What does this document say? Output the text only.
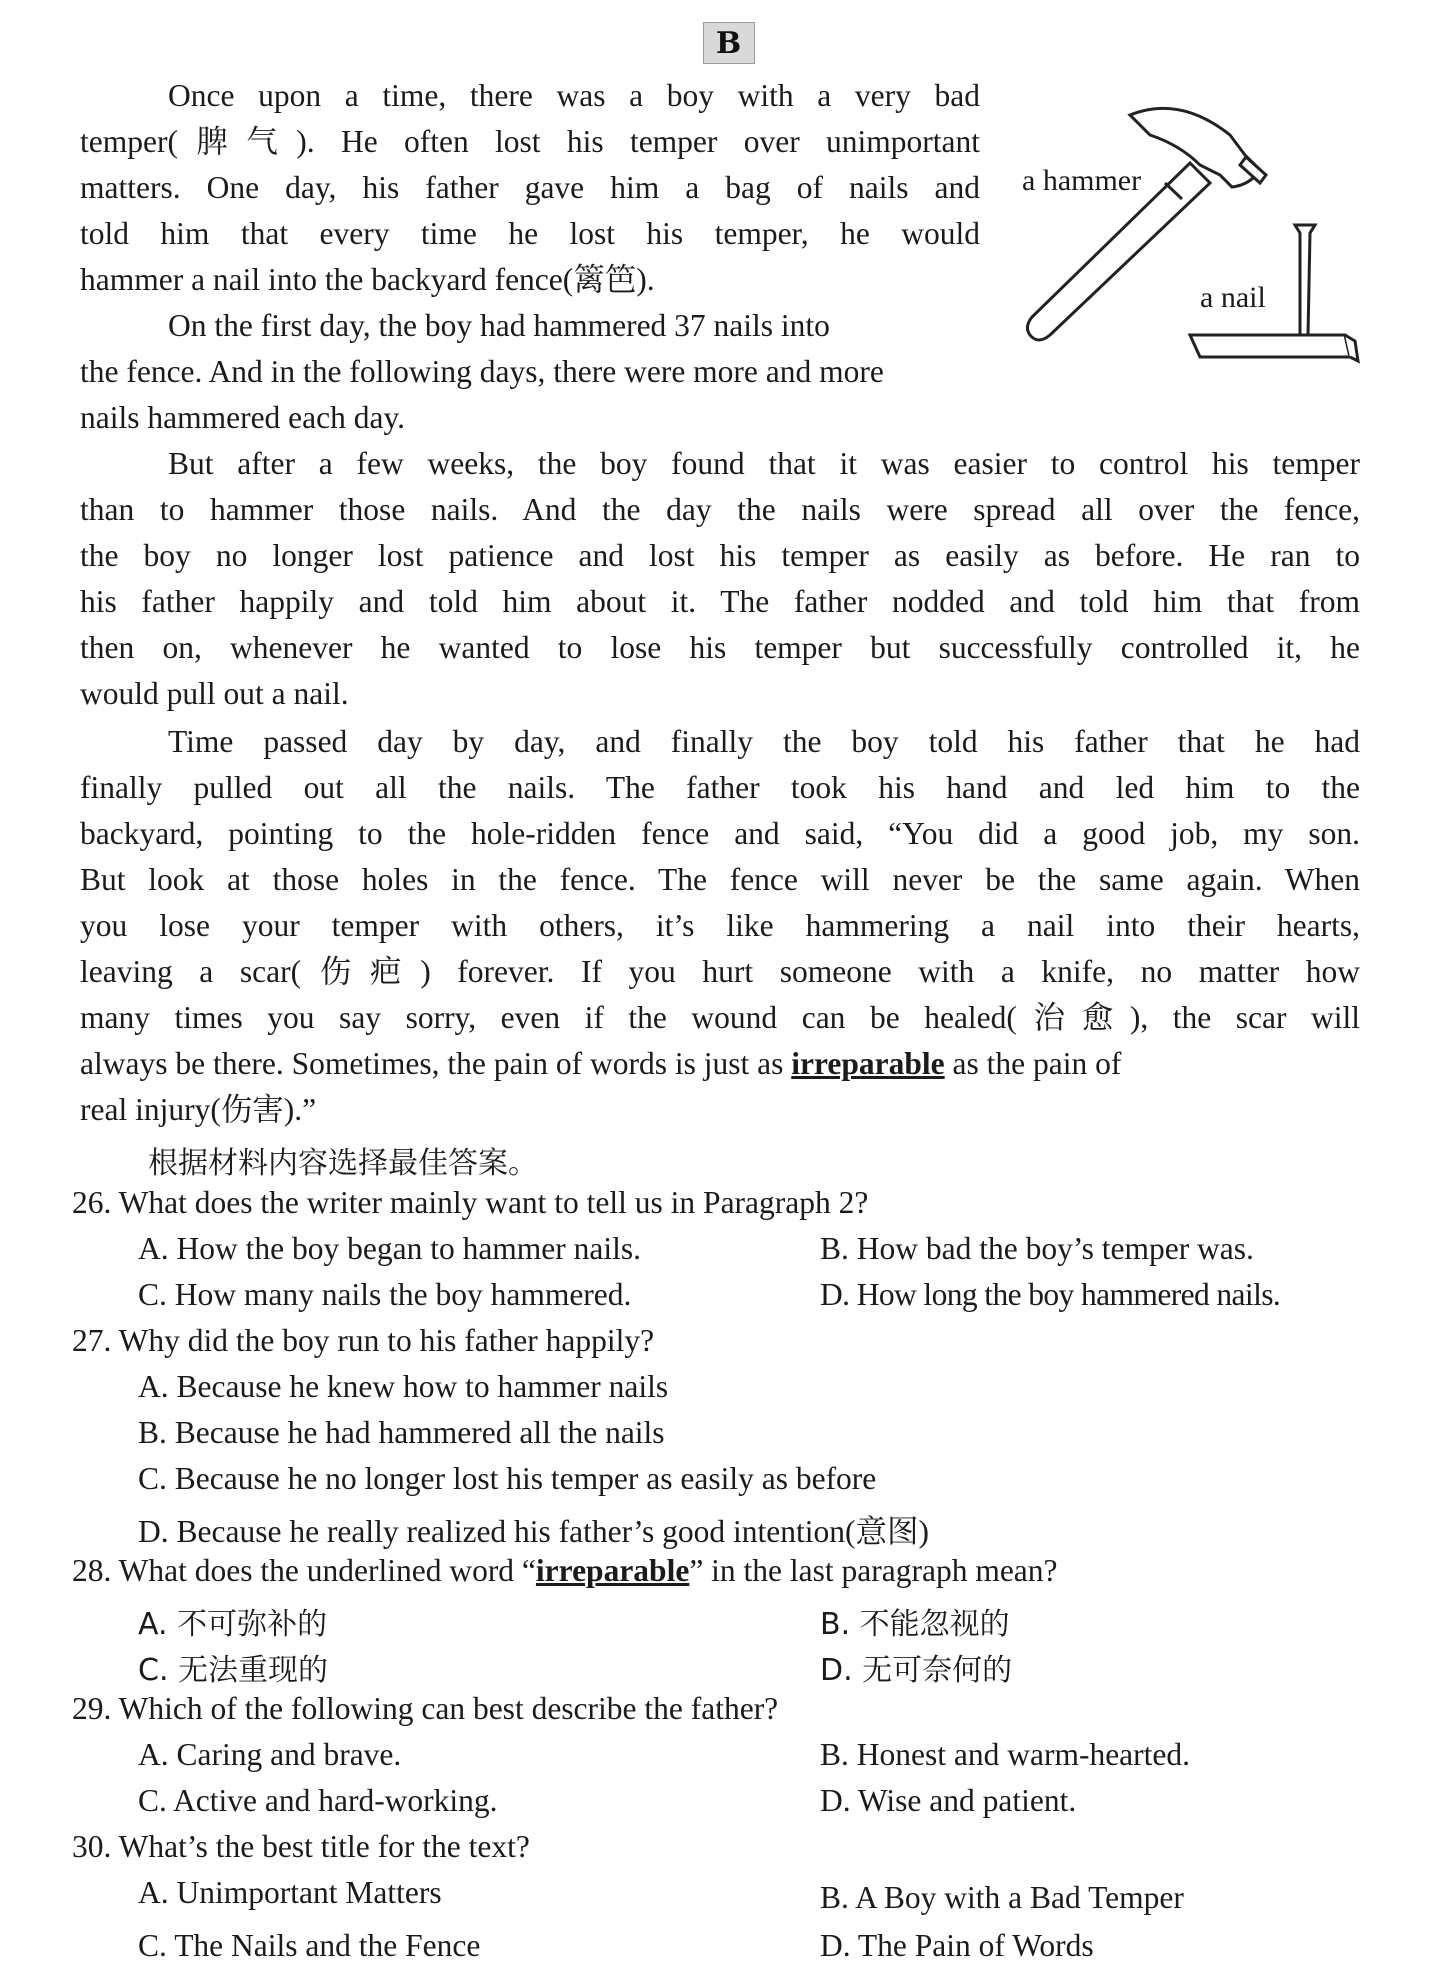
B
Once upon a time, there was a boy with a very bad
temper(脾气). He often lost his temper over unimportant
matters. One day, his father gave him a bag of nails and
told him that every time he lost his temper, he would
hammer a nail into the backyard fence(篱笆).
On the first day, the boy had hammered 37 nails into
the fence. And in the following days, there were more and more
nails hammered each day.
a hammer
a nail
But after a few weeks, the boy found that it was easier to control his temper
than to hammer those nails. And the day the nails were spread all over the fence,
the boy no longer lost patience and lost his temper as easily as before. He ran to
his father happily and told him about it. The father nodded and told him that from
then on, whenever he wanted to lose his temper but successfully controlled it, he
would pull out a nail.
Time passed day by day, and finally the boy told his father that he had
finally pulled out all the nails. The father took his hand and led him to the
backyard, pointing to the hole-ridden fence and said, “You did a good job, my son.
But look at those holes in the fence. The fence will never be the same again. When
you lose your temper with others, it’s like hammering a nail into their hearts,
leaving a scar(伤疤) forever. If you hurt someone with a knife, no matter how
many times you say sorry, even if the wound can be healed(治愈), the scar will
always be there. Sometimes, the pain of words is just as irreparable as the pain of
real injury(伤害).”
根据材料内容选择最佳答案。
26. What does the writer mainly want to tell us in Paragraph 2?
A. How the boy began to hammer nails.	B. How bad the boy’s temper was.
C. How many nails the boy hammered.	D. How long the boy hammered nails.
27. Why did the boy run to his father happily?
A. Because he knew how to hammer nails
B. Because he had hammered all the nails
C. Because he no longer lost his temper as easily as before
D. Because he really realized his father’s good intention(意图)
28. What does the underlined word “irreparable” in the last paragraph mean?
A. 不可弥补的	B. 不能忽视的
C. 无法重现的	D. 无可奈何的
29. Which of the following can best describe the father?
A. Caring and brave.	B. Honest and warm-hearted.
C. Active and hard-working.	D. Wise and patient.
30. What’s the best title for the text?
A. Unimportant Matters	B. A Boy with a Bad Temper
C. The Nails and the Fence	D. The Pain of Words
